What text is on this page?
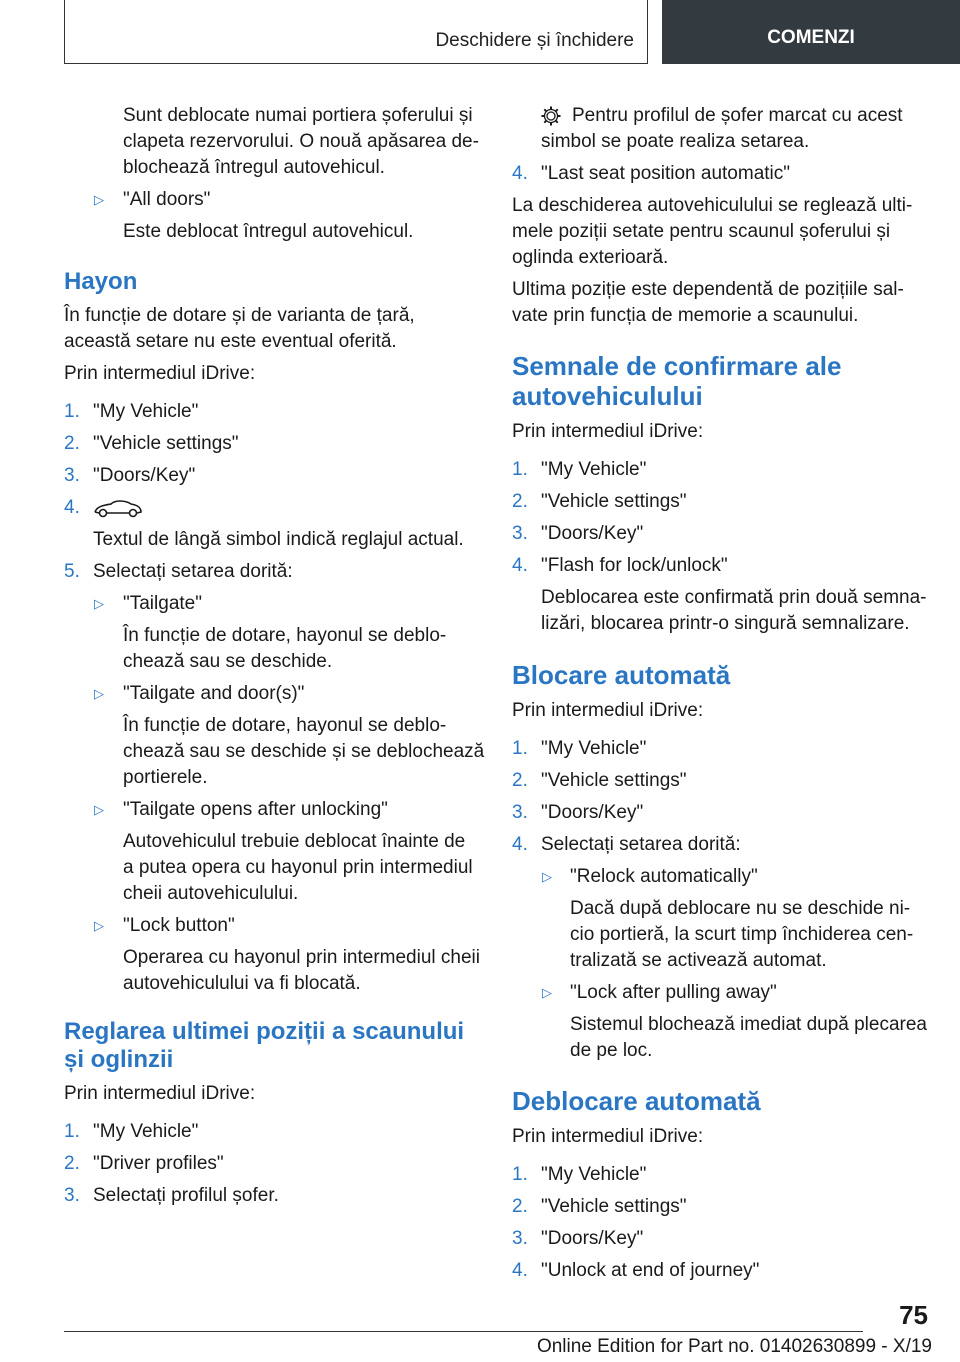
Deschidere și închidere	COMENZI
Sunt deblocate numai portiera șoferului și
clapeta rezervorului. O nouă apăsarea de-
blochează întregul autovehicul.
▷ "All doors"
Este deblocat întregul autovehicul.
Hayon
În funcție de dotare și de varianta de țară,
această setare nu este eventual oferită.
Prin intermediul iDrive:
1. "My Vehicle"
2. "Vehicle settings"
3. "Doors/Key"
4.
Textul de lângă simbol indică reglajul actual.
5. Selectați setarea dorită:
▷ "Tailgate"
În funcție de dotare, hayonul se deblo-
chează sau se deschide.
▷ "Tailgate and door(s)"
În funcție de dotare, hayonul se deblo-
chează sau se deschide și se deblochează
portierele.
▷ "Tailgate opens after unlocking"
Autovehiculul trebuie deblocat înainte de
a putea opera cu hayonul prin intermediul
cheii autovehiculului.
▷ "Lock button"
Operarea cu hayonul prin intermediul cheii
autovehiculului va fi blocată.
Reglarea ultimei poziții a scaunului
și oglinzii
Prin intermediul iDrive:
1. "My Vehicle"
2. "Driver profiles"
3. Selectați profilul șofer.
Pentru profilul de șofer marcat cu acest
simbol se poate realiza setarea.
4. "Last seat position automatic"
La deschiderea autovehiculului se reglează ulti-
mele poziții setate pentru scaunul șoferului și
oglinda exterioară.
Ultima poziție este dependentă de pozițiile sal-
vate prin funcția de memorie a scaunului.
Semnale de confirmare ale
autovehiculului
Prin intermediul iDrive:
1. "My Vehicle"
2. "Vehicle settings"
3. "Doors/Key"
4. "Flash for lock/unlock"
Deblocarea este confirmată prin două semna-
lizări, blocarea printr-o singură semnalizare.
Blocare automată
Prin intermediul iDrive:
1. "My Vehicle"
2. "Vehicle settings"
3. "Doors/Key"
4. Selectați setarea dorită:
▷ "Relock automatically"
Dacă după deblocare nu se deschide ni-
cio portieră, la scurt timp închiderea cen-
tralizată se activează automat.
▷ "Lock after pulling away"
Sistemul blochează imediat după plecarea
de pe loc.
Deblocare automată
Prin intermediul iDrive:
1. "My Vehicle"
2. "Vehicle settings"
3. "Doors/Key"
4. "Unlock at end of journey"
75
Online Edition for Part no. 01402630899 - X/19
